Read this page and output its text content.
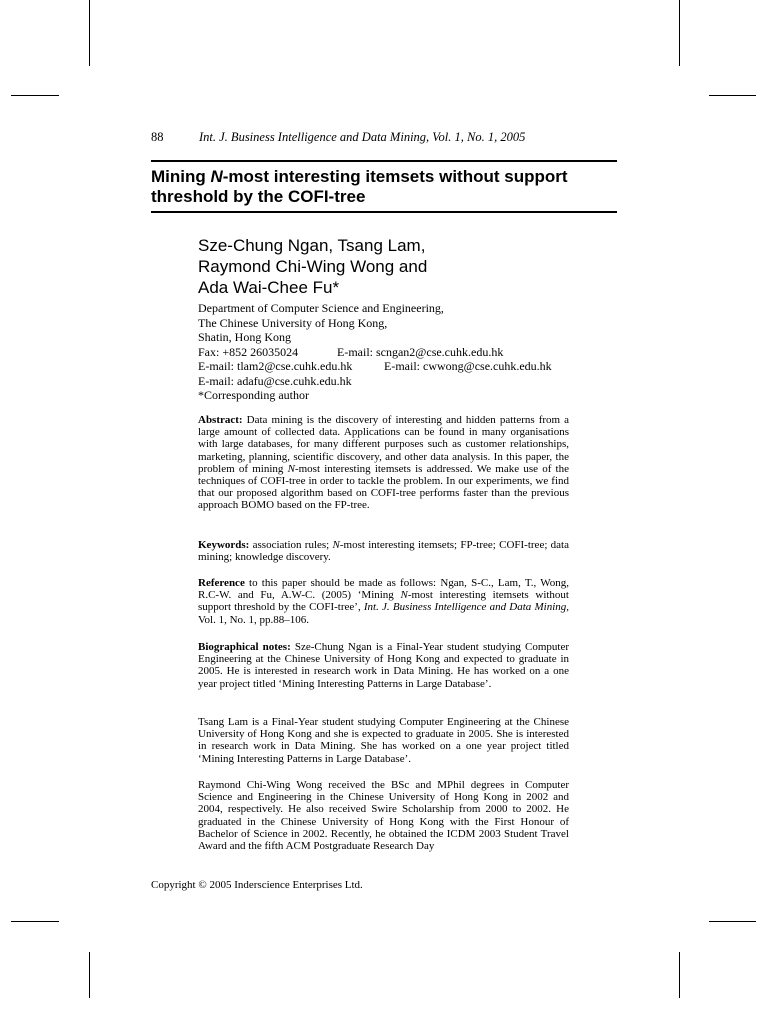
88	Int. J. Business Intelligence and Data Mining, Vol. 1, No. 1, 2005
Mining N-most interesting itemsets without support threshold by the COFI-tree
Sze-Chung Ngan, Tsang Lam,
Raymond Chi-Wing Wong and
Ada Wai-Chee Fu*
Department of Computer Science and Engineering,
The Chinese University of Hong Kong,
Shatin, Hong Kong
Fax: +852 26035024	E-mail: scngan2@cse.cuhk.edu.hk
E-mail: tlam2@cse.cuhk.edu.hk	E-mail: cwwong@cse.cuhk.edu.hk
E-mail: adafu@cse.cuhk.edu.hk
*Corresponding author
Abstract: Data mining is the discovery of interesting and hidden patterns from a large amount of collected data. Applications can be found in many organisations with large databases, for many different purposes such as customer relationships, marketing, planning, scientific discovery, and other data analysis. In this paper, the problem of mining N-most interesting itemsets is addressed. We make use of the techniques of COFI-tree in order to tackle the problem. In our experiments, we find that our proposed algorithm based on COFI-tree performs faster than the previous approach BOMO based on the FP-tree.
Keywords: association rules; N-most interesting itemsets; FP-tree; COFI-tree; data mining; knowledge discovery.
Reference to this paper should be made as follows: Ngan, S-C., Lam, T., Wong, R.C-W. and Fu, A.W-C. (2005) ‘Mining N-most interesting itemsets without support threshold by the COFI-tree’, Int. J. Business Intelligence and Data Mining, Vol. 1, No. 1, pp.88–106.
Biographical notes: Sze-Chung Ngan is a Final-Year student studying Computer Engineering at the Chinese University of Hong Kong and expected to graduate in 2005. He is interested in research work in Data Mining. He has worked on a one year project titled ‘Mining Interesting Patterns in Large Database’.
Tsang Lam is a Final-Year student studying Computer Engineering at the Chinese University of Hong Kong and she is expected to graduate in 2005. She is interested in research work in Data Mining. She has worked on a one year project titled ‘Mining Interesting Patterns in Large Database’.
Raymond Chi-Wing Wong received the BSc and MPhil degrees in Computer Science and Engineering in the Chinese University of Hong Kong in 2002 and 2004, respectively. He also received Swire Scholarship from 2000 to 2002. He graduated in the Chinese University of Hong Kong with the First Honour of Bachelor of Science in 2002. Recently, he obtained the ICDM 2003 Student Travel Award and the fifth ACM Postgraduate Research Day
Copyright © 2005 Inderscience Enterprises Ltd.
